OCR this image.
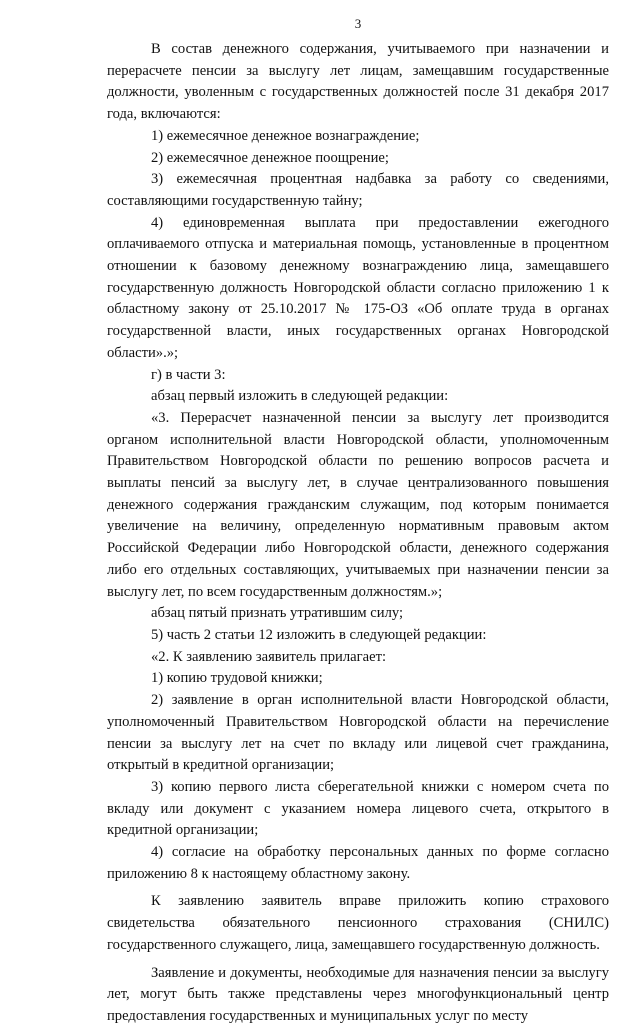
3

В состав денежного содержания, учитываемого при назначении и перерасчете пенсии за выслугу лет лицам, замещавшим государственные должности, уволенным с государственных должностей после 31 декабря 2017 года, включаются:

1) ежемесячное денежное вознаграждение;

2) ежемесячное денежное поощрение;

3) ежемесячная процентная надбавка за работу со сведениями, составляющими государственную тайну;

4) единовременная выплата при предоставлении ежегодного оплачиваемого отпуска и материальная помощь, установленные в процентном отношении к базовому денежному вознаграждению лица, замещавшего государственную должность Новгородской области согласно приложению 1 к областному закону от 25.10.2017 № 175-ОЗ «Об оплате труда в органах государственной власти, иных государственных органах Новгородской области».»;

г) в части 3:

абзац первый изложить в следующей редакции:

«3. Перерасчет назначенной пенсии за выслугу лет производится органом исполнительной власти Новгородской области, уполномоченным Правительством Новгородской области по решению вопросов расчета и выплаты пенсий за выслугу лет, в случае централизованного повышения денежного содержания гражданским служащим, под которым понимается увеличение на величину, определенную нормативным правовым актом Российской Федерации либо Новгородской области, денежного содержания либо его отдельных составляющих, учитываемых при назначении пенсии за выслугу лет, по всем государственным должностям.»;

абзац пятый признать утратившим силу;

5) часть 2 статьи 12 изложить в следующей редакции:

«2. К заявлению заявитель прилагает:

1) копию трудовой книжки;

2) заявление в орган исполнительной власти Новгородской области, уполномоченный Правительством Новгородской области на перечисление пенсии за выслугу лет на счет по вкладу или лицевой счет гражданина, открытый в кредитной организации;

3) копию первого листа сберегательной книжки с номером счета по вкладу или документ с указанием номера лицевого счета, открытого в кредитной организации;

4) согласие на обработку персональных данных по форме согласно приложению 8 к настоящему областному закону.

К заявлению заявитель вправе приложить копию страхового свидетельства обязательного пенсионного страхования (СНИЛС) государственного служащего, лица, замещавшего государственную должность.

Заявление и документы, необходимые для назначения пенсии за выслугу лет, могут быть также представлены через многофункциональный центр предоставления государственных и муниципальных услуг по месту
